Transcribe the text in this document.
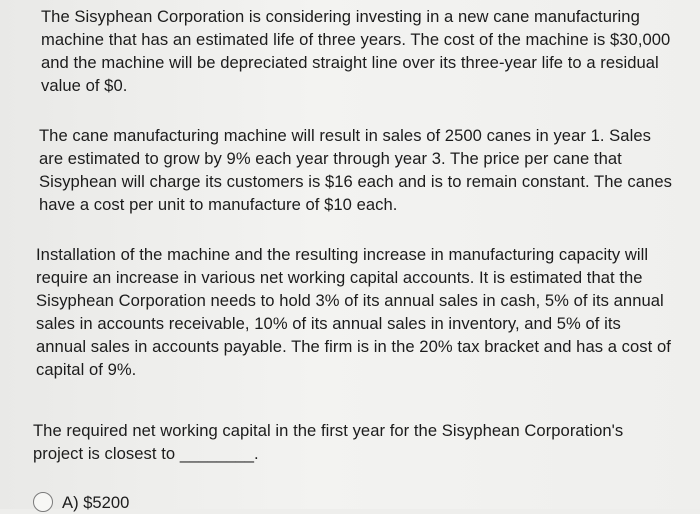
The Sisyphean Corporation is considering investing in a new cane manufacturing
machine that has an estimated life of three years. The cost of the machine is $30,000
and the machine will be depreciated straight line over its three-year life to a residual
value of $0.

The cane manufacturing machine will result in sales of 2500 canes in year 1. Sales
are estimated to grow by 9% each year through year 3. The price per cane that
Sisyphean will charge its customers is $16 each and is to remain constant. The canes
have a cost per unit to manufacture of $10 each.

Installation of the machine and the resulting increase in manufacturing capacity will
require an increase in various net working capital accounts. It is estimated that the
Sisyphean Corporation needs to hold 3% of its annual sales in cash, 5% of its annual
sales in accounts receivable, 10% of its annual sales in inventory, and 5% of its
annual sales in accounts payable. The firm is in the 20% tax bracket and has a cost of
capital of 9%.

The required net working capital in the first year for the Sisyphean Corporation's
project is closest to ________.

A) $5200
